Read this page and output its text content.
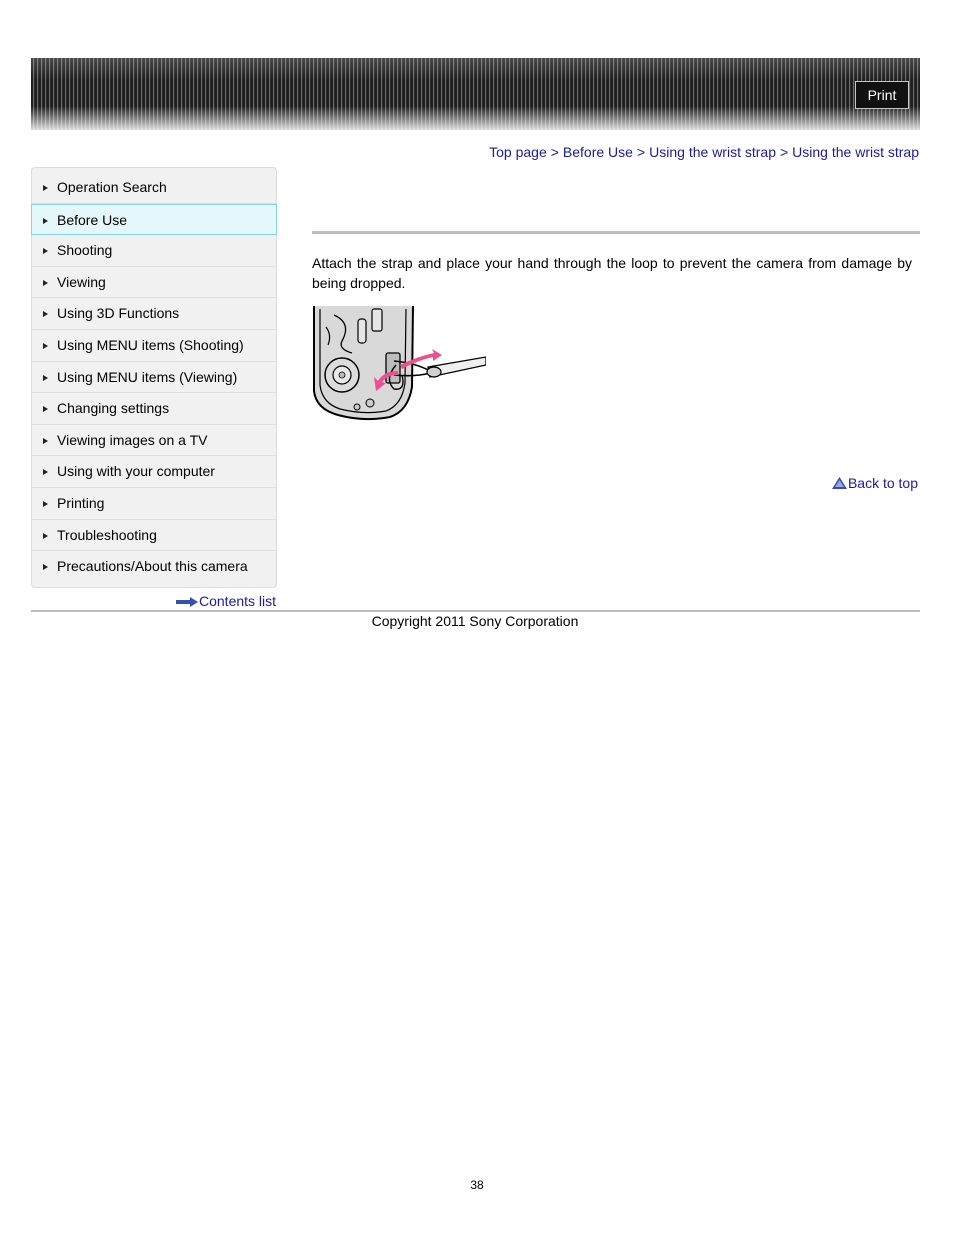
Print
Top page > Before Use > Using the wrist strap > Using the wrist strap
Operation Search
Before Use
Shooting
Viewing
Using 3D Functions
Using MENU items (Shooting)
Using MENU items (Viewing)
Changing settings
Viewing images on a TV
Using with your computer
Printing
Troubleshooting
Precautions/About this camera
Contents list
Attach the strap and place your hand through the loop to prevent the camera from damage by being dropped.
Back to top
Copyright 2011 Sony Corporation
38
